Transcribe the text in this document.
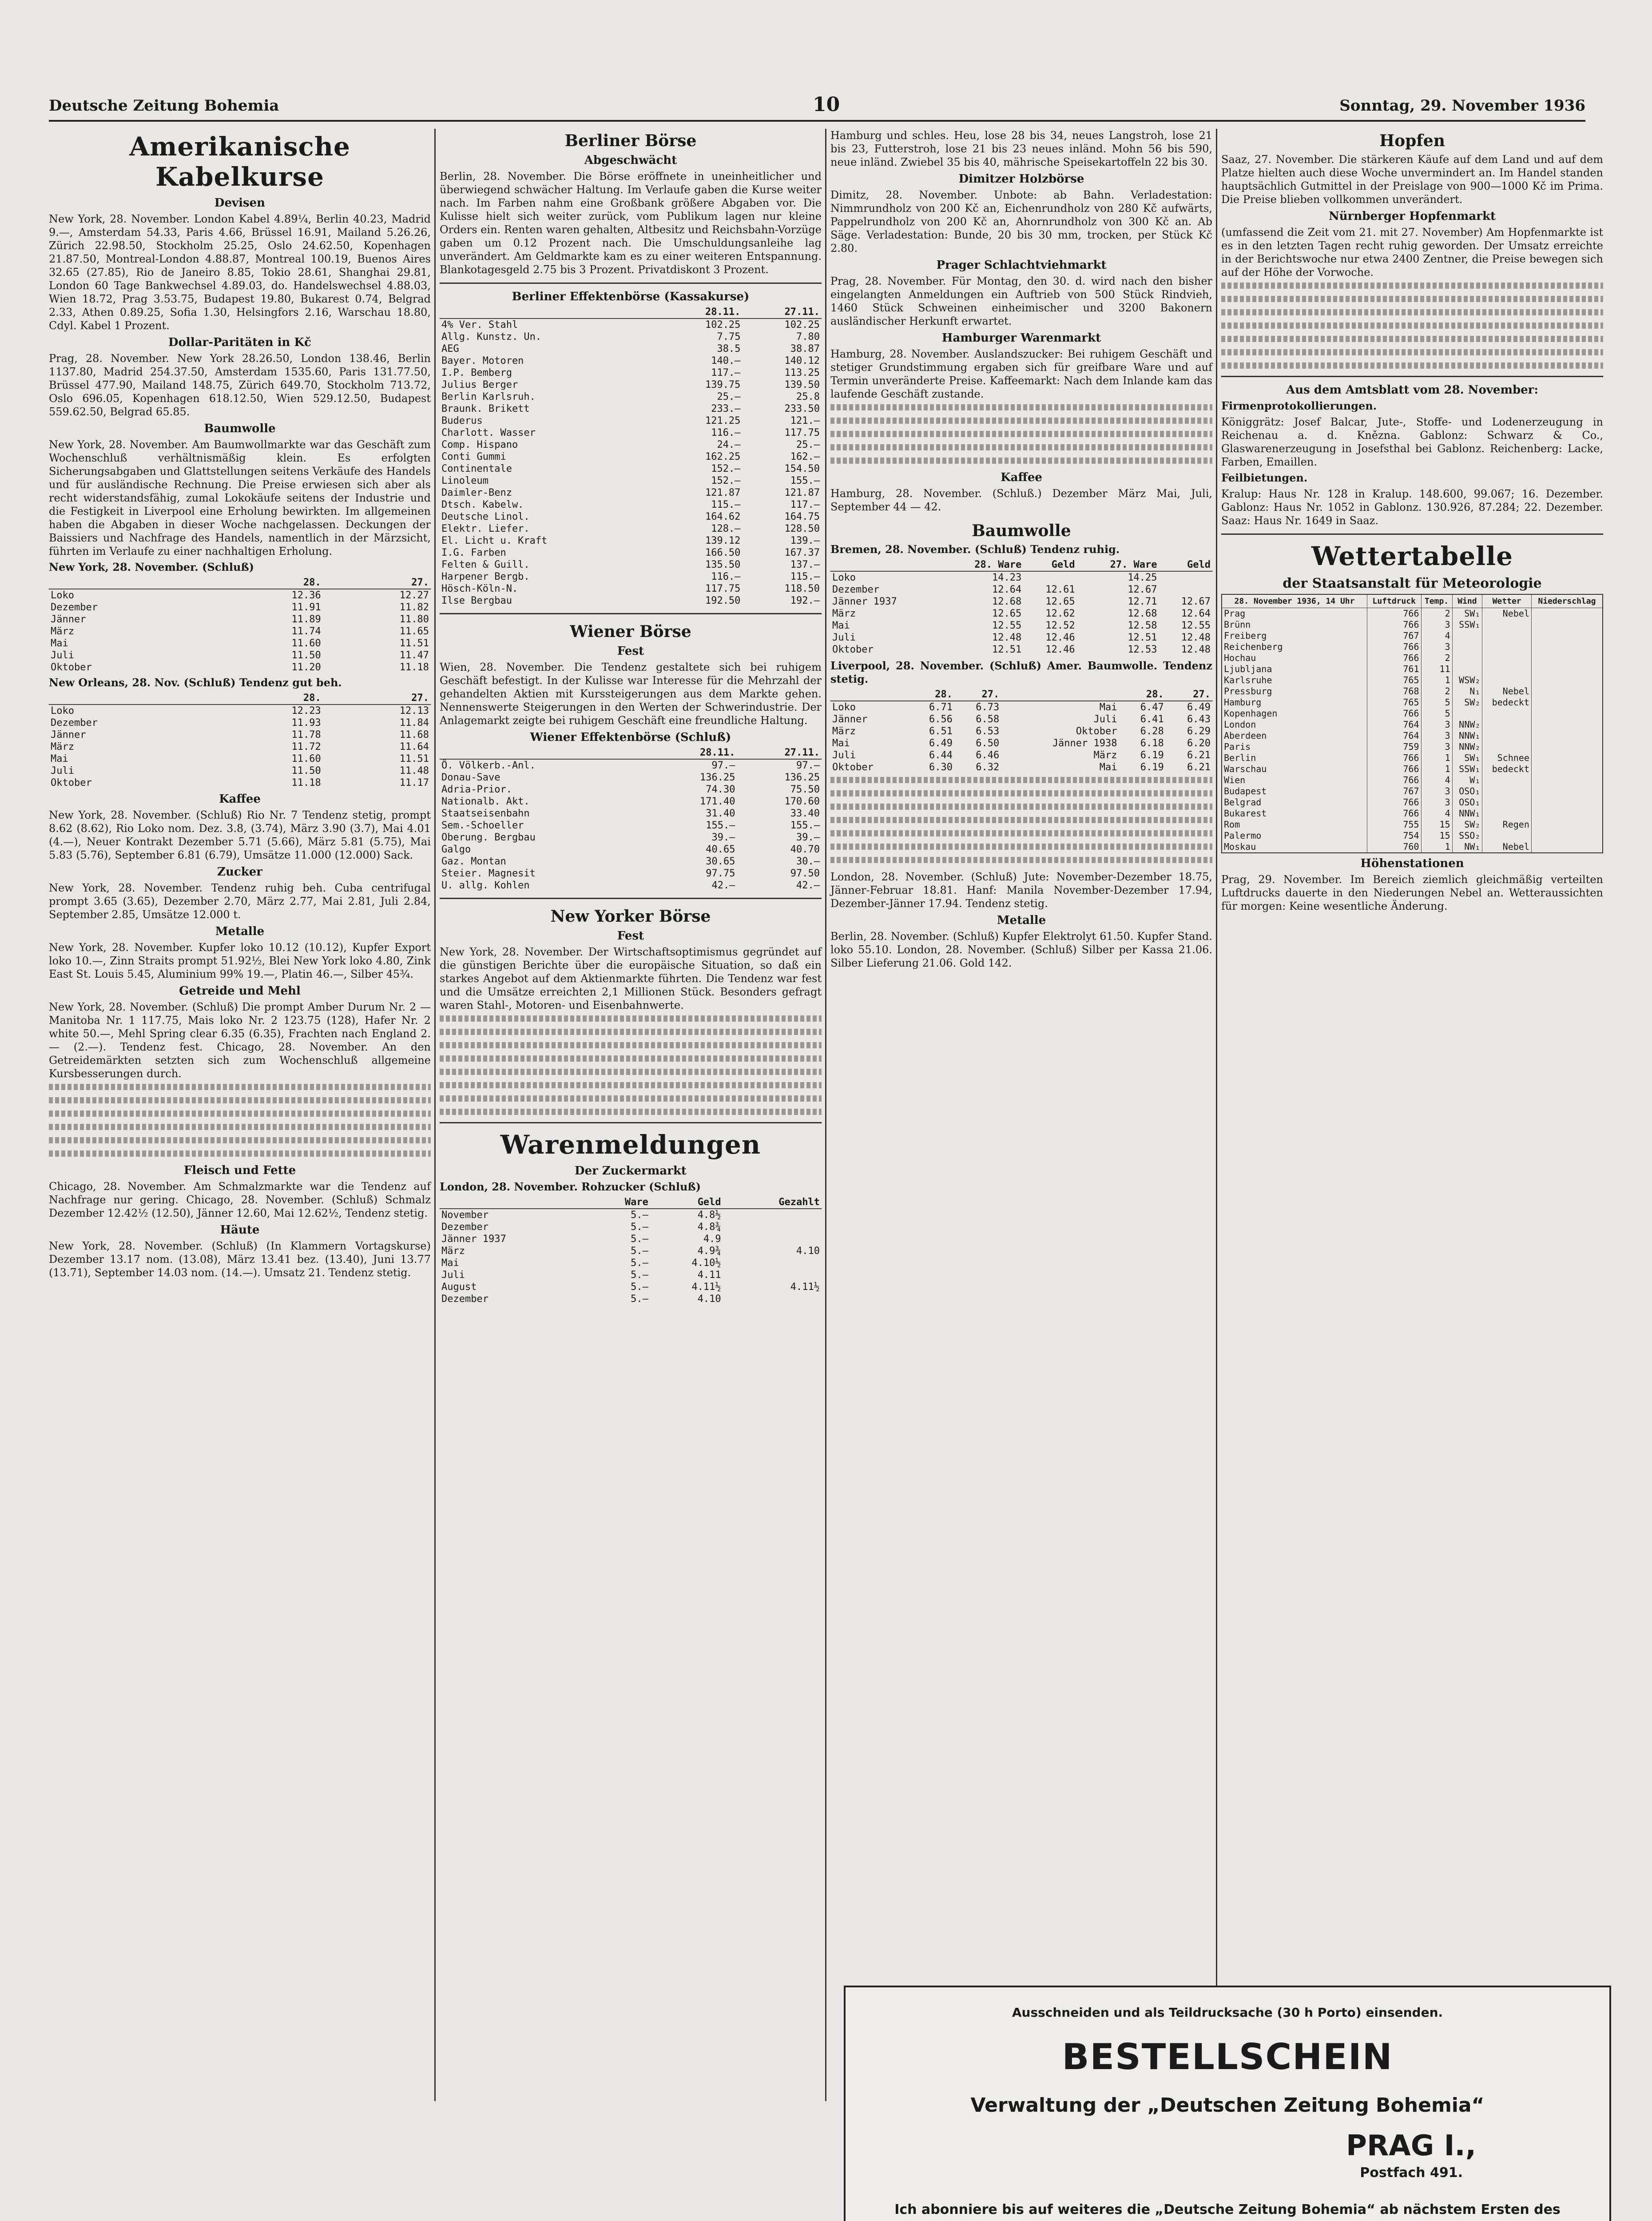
Deutsche Zeitung Bohemia	10	Sonntag, 29. November 1936
Amerikanische Kabelkurse
Devisen

New York, 28. November. London Kabel 4.89¼, Berlin 40.23, Madrid 9.—, Amsterdam 54.33, Paris 4.66, Brüssel 16.91, Mailand 5.26.26, Zürich 22.98.50, Stockholm 25.25, Oslo 24.62.50, Kopenhagen 21.87.50, Montreal-London 4.88.87, Montreal 100.19, Buenos Aires 32.65 (27.85), Rio de Janeiro 8.85, Tokio 28.61, Shanghai 29.81, London 60 Tage Bankwechsel 4.89.03, do. Handelswechsel 4.88.03, Wien 18.72, Prag 3.53.75, Budapest 19.80, Bukarest 0.74, Belgrad 2.33, Athen 0.89.25, Sofia 1.30, Helsingfors 2.16, Warschau 18.80, Cdyl. Kabel 1 Prozent.

Dollar-Paritäten in Kč

Prag, 28. November. New York 28.26.50, London 138.46, Berlin 1137.80, Madrid 254.37.50, Amsterdam 1535.60, Paris 131.77.50, Brüssel 477.90, Mailand 148.75, Zürich 649.70, Stockholm 713.72, Oslo 696.05, Kopenhagen 618.12.50, Wien 529.12.50, Budapest 559.62.50, Belgrad 65.85.

Baumwolle

New York, 28. November. Am Baumwollmarkte war das Geschäft zum Wochenschluß verhältnismäßig klein. Es erfolgten Sicherungsabgaben und Glattstellungen seitens Verkäufe des Handels und für ausländische Rechnung. Die Preise erwiesen sich aber als recht widerstandsfähig, zumal Lokokäufe seitens der Industrie und die Festigkeit in Liverpool eine Erholung bewirkten. Im allgemeinen haben die Abgaben in dieser Woche nachgelassen. Deckungen der Baissiers und Nachfrage des Handels, namentlich in der Märzsicht, führten im Verlaufe zu einer nachhaltigen Erholung.

New York, 28. November. (Schluß)

	28.	27.
Loko	12.36	12.27
Dezember	11.91	11.82
Jänner	11.89	11.80
März	11.74	11.65
Mai	11.60	11.51
Juli	11.50	11.47
Oktober	11.20	11.18

New Orleans, 28. Nov. (Schluß) Tendenz gut beh.

	28.	27.
Loko	12.23	12.13
Dezember	11.93	11.84
Jänner	11.78	11.68
März	11.72	11.64
Mai	11.60	11.51
Juli	11.50	11.48
Oktober	11.18	11.17
Kaffee

New York, 28. November. (Schluß) Rio Nr. 7 Tendenz stetig, prompt 8.62 (8.62), Rio Loko nom. Dez. 3.8, (3.74), März 3.90 (3.7), Mai 4.01 (4.—), Neuer Kontrakt Dezember 5.71 (5.66), März 5.81 (5.75), Mai 5.83 (5.76), September 6.81 (6.79), Umsätze 11.000 (12.000) Sack.

Zucker

New York, 28. November. Tendenz ruhig beh. Cuba centrifugal prompt 3.65 (3.65), Dezember 2.70, März 2.77, Mai 2.81, Juli 2.84, September 2.85, Umsätze 12.000 t.

Metalle

New York, 28. November. Kupfer loko 10.12 (10.12), Kupfer Export loko 10.—, Zinn Straits prompt 51.92½, Blei New York loko 4.80, Zink East St. Louis 5.45, Aluminium 99% 19.—, Platin 46.—, Silber 45¾.

Getreide und Mehl

New York, 28. November. (Schluß) Die prompt Amber Durum Nr. 2 — Manitoba Nr. 1 117.75, Mais loko Nr. 2 123.75 (128), Hafer Nr. 2 white 50.—, Mehl Spring clear 6.35 (6.35), Frachten nach England 2.— (2.—). Tendenz fest. Chicago, 28. November. An den Getreidemärkten setzten sich zum Wochenschluß allgemeine Kursbesserungen durch.

Fleisch und Fette

Chicago, 28. November. Am Schmalzmarkte war die Tendenz auf Nachfrage nur gering. Chicago, 28. November. (Schluß) Schmalz Dezember 12.42½ (12.50), Jänner 12.60, Mai 12.62½, Tendenz stetig.

Häute

New York, 28. November. (Schluß) (In Klammern Vortagskurse) Dezember 13.17 nom. (13.08), März 13.41 bez. (13.40), Juni 13.77 (13.71), September 14.03 nom. (14.—). Umsatz 21. Tendenz stetig.

Berliner Börse
Abgeschwächt

Berlin, 28. November. Die Börse eröffnete in uneinheitlicher und überwiegend schwächer Haltung. Im Verlaufe gaben die Kurse weiter nach. Im Farben nahm eine Großbank größere Abgaben vor. Die Kulisse hielt sich weiter zurück, vom Publikum lagen nur kleine Orders ein. Renten waren gehalten, Altbesitz und Reichsbahn-Vorzüge gaben um 0.12 Prozent nach. Die Umschuldungsanleihe lag unverändert. Am Geldmarkte kam es zu einer weiteren Entspannung. Blankotagesgeld 2.75 bis 3 Prozent. Privatdiskont 3 Prozent.

Berliner Effektenbörse (Kassakurse)
	28.11.	27.11.
4% Ver. Stahl	102.25	102.25
Allg. Kunstz. Un.	7.75	7.80
AEG	38.5	38.87
Bayer. Motoren	140.—	140.12
I.P. Bemberg	117.—	113.25
Julius Berger	139.75	139.50
Berlin Karlsruh.	25.—	25.8
Braunk. Brikett	233.—	233.50
Buderus	121.25	121.—
Charlott. Wasser	116.—	117.75
Comp. Hispano	24.—	25.—
Conti Gummi	162.25	162.—
Continentale	152.—	154.50
Linoleum	152.—	155.—
Daimler-Benz	121.87	121.87
Dtsch. Kabelw.	115.—	117.—
Deutsche Linol.	164.62	164.75
Elektr. Liefer.	128.—	128.50
El. Licht u. Kraft	139.12	139.—
I.G. Farben	166.50	167.37
Felten & Guill.	135.50	137.—
Harpener Bergb.	116.—	115.—
Hösch-Köln-N.	117.75	118.50
Ilse Bergbau	192.50	192.—
Wiener Börse
Fest

Wien, 28. November. Die Tendenz gestaltete sich bei ruhigem Geschäft befestigt. In der Kulisse war Interesse für die Mehrzahl der gehandelten Aktien mit Kurssteigerungen aus dem Markte gehen. Nennenswerte Steigerungen in den Werten der Schwerindustrie. Der Anlagemarkt zeigte bei ruhigem Geschäft eine freundliche Haltung.

Wiener Effektenbörse (Schluß)
	28.11.	27.11.
Ö. Völkerb.-Anl.	97.—	97.—
Donau-Save	136.25	136.25
Adria-Prior.	74.30	75.50
Nationalb. Akt.	171.40	170.60
Staatseisenbahn	31.40	33.40
Sem.-Schoeller	155.—	155.—
Oberung. Bergbau	39.—	39.—
Galgo	40.65	40.70
Gaz. Montan	30.65	30.—
Steier. Magnesit	97.75	97.50
U. allg. Kohlen	42.—	42.—
New Yorker Börse
Fest

New York, 28. November. Der Wirtschaftsoptimismus gegründet auf die günstigen Berichte über die europäische Situation, so daß ein starkes Angebot auf dem Aktienmarkte führten. Die Tendenz war fest und die Umsätze erreichten 2,1 Millionen Stück. Besonders gefragt waren Stahl-, Motoren- und Eisenbahnwerte.

Warenmeldungen
Der Zuckermarkt

London, 28. November. Rohzucker (Schluß)

	Ware	Geld	Gezahlt
November	5.—	4.8½	
Dezember	5.—	4.8¾	
Jänner 1937	5.—	4.9	
März	5.—	4.9¾	4.10
Mai	5.—	4.10½	
Juli	5.—	4.11	
August	5.—	4.11½	4.11½
Dezember	5.—	4.10	

Hamburg und schles. Heu, lose 28 bis 34, neues Langstroh, lose 21 bis 23, Futterstroh, lose 21 bis 23 neues inländ. Mohn 56 bis 590, neue inländ. Zwiebel 35 bis 40, mährische Speisekartoffeln 22 bis 30.

Dimitzer Holzbörse

Dimitz, 28. November. Unbote: ab Bahn. Verladestation: Nimmrundholz von 200 Kč an, Eichenrundholz von 280 Kč aufwärts, Pappelrundholz von 200 Kč an, Ahornrundholz von 300 Kč an. Ab Säge. Verladestation: Bunde, 20 bis 30 mm, trocken, per Stück Kč 2.80.

Prager Schlachtviehmarkt

Prag, 28. November. Für Montag, den 30. d. wird nach den bisher eingelangten Anmeldungen ein Auftrieb von 500 Stück Rindvieh, 1460 Stück Schweinen einheimischer und 3200 Bakonern ausländischer Herkunft erwartet.

Hamburger Warenmarkt

Hamburg, 28. November. Auslandszucker: Bei ruhigem Geschäft und stetiger Grundstimmung ergaben sich für greifbare Ware und auf Termin unveränderte Preise. Kaffeemarkt: Nach dem Inlande kam das laufende Geschäft zustande.

Kaffee

Hamburg, 28. November. (Schluß.) Dezember März Mai, Juli, September 44 — 42.

Baumwolle

Bremen, 28. November. (Schluß) Tendenz ruhig.

	28. Ware	Geld	27. Ware	Geld
Loko	14.23		14.25	
Dezember	12.64	12.61	12.67	
Jänner 1937	12.68	12.65	12.71	12.67
März	12.65	12.62	12.68	12.64
Mai	12.55	12.52	12.58	12.55
Juli	12.48	12.46	12.51	12.48
Oktober	12.51	12.46	12.53	12.48

Liverpool, 28. November. (Schluß) Amer. Baumwolle. Tendenz stetig.

	28.	27.		28.	27.
Loko	6.71	6.73	Mai	6.47	6.49
Jänner	6.56	6.58	Juli	6.41	6.43
März	6.51	6.53	Oktober	6.28	6.29
Mai	6.49	6.50	Jänner 1938	6.18	6.20
Juli	6.44	6.46	März	6.19	6.21
Oktober	6.30	6.32	Mai	6.19	6.21

London, 28. November. (Schluß) Jute: November-Dezember 18.75, Jänner-Februar 18.81. Hanf: Manila November-Dezember 17.94, Dezember-Jänner 17.94. Tendenz stetig.

Metalle

Berlin, 28. November. (Schluß) Kupfer Elektrolyt 61.50. Kupfer Stand. loko 55.10. London, 28. November. (Schluß) Silber per Kassa 21.06. Silber Lieferung 21.06. Gold 142.

Hopfen

Saaz, 27. November. Die stärkeren Käufe auf dem Land und auf dem Platze hielten auch diese Woche unvermindert an. Im Handel standen hauptsächlich Gutmittel in der Preislage von 900—1000 Kč im Prima. Die Preise blieben vollkommen unverändert.

Nürnberger Hopfenmarkt

(umfassend die Zeit vom 21. mit 27. November) Am Hopfenmarkte ist es in den letzten Tagen recht ruhig geworden. Der Umsatz erreichte in der Berichtswoche nur etwa 2400 Zentner, die Preise bewegen sich auf der Höhe der Vorwoche.

Aus dem Amtsblatt vom 28. November:

Firmenprotokollierungen.

Königgrätz: Josef Balcar, Jute-, Stoffe- und Lodenerzeugung in Reichenau a. d. Knězna. Gablonz: Schwarz & Co., Glaswarenerzeugung in Josefsthal bei Gablonz. Reichenberg: Lacke, Farben, Emaillen.

Feilbietungen.

Kralup: Haus Nr. 128 in Kralup. 148.600, 99.067; 16. Dezember. Gablonz: Haus Nr. 1052 in Gablonz. 130.926, 87.284; 22. Dezember. Saaz: Haus Nr. 1649 in Saaz.

Wettertabelle
der Staatsanstalt für Meteorologie
28. November 1936, 14 Uhr	Luftdruck	Temp.	Wind	Wetter	Niederschlag
Prag	766	2	SW₁	Nebel	
Brünn	766	3	SSW₁		
Freiberg	767	4			
Reichenberg	766	3			
Hochau	766	2			
Ljubljana	761	11			
Karlsruhe	765	1	WSW₂		
Pressburg	768	2	N₁	Nebel	
Hamburg	765	5	SW₂	bedeckt	
Kopenhagen	766	5			
London	764	3	NNW₂		
Aberdeen	764	3	NNW₁		
Paris	759	3	NNW₂		
Berlin	766	1	SW₁	Schnee	
Warschau	766	1	SSW₁	bedeckt	
Wien	766	4	W₁		
Budapest	767	3	OSO₁		
Belgrad	766	3	OSO₁		
Bukarest	766	4	NNW₁		
Rom	755	15	SW₂	Regen	
Palermo	754	15	SSO₂		
Moskau	760	1	NW₁	Nebel	
Höhenstationen

Prag, 29. November. Im Bereich ziemlich gleichmäßig verteilten Luftdrucks dauerte in den Niederungen Nebel an. Wetteraussichten für morgen: Keine wesentliche Änderung.

Ausschneiden und als Teildrucksache (30 h Porto) einsenden.
BESTELLSCHEIN
Verwaltung der „Deutschen Zeitung Bohemia“
PRAG I.,
Postfach 491.
Ich abonniere bis auf weiteres die „Deutsche Zeitung Bohemia“ ab nächstem Ersten des
